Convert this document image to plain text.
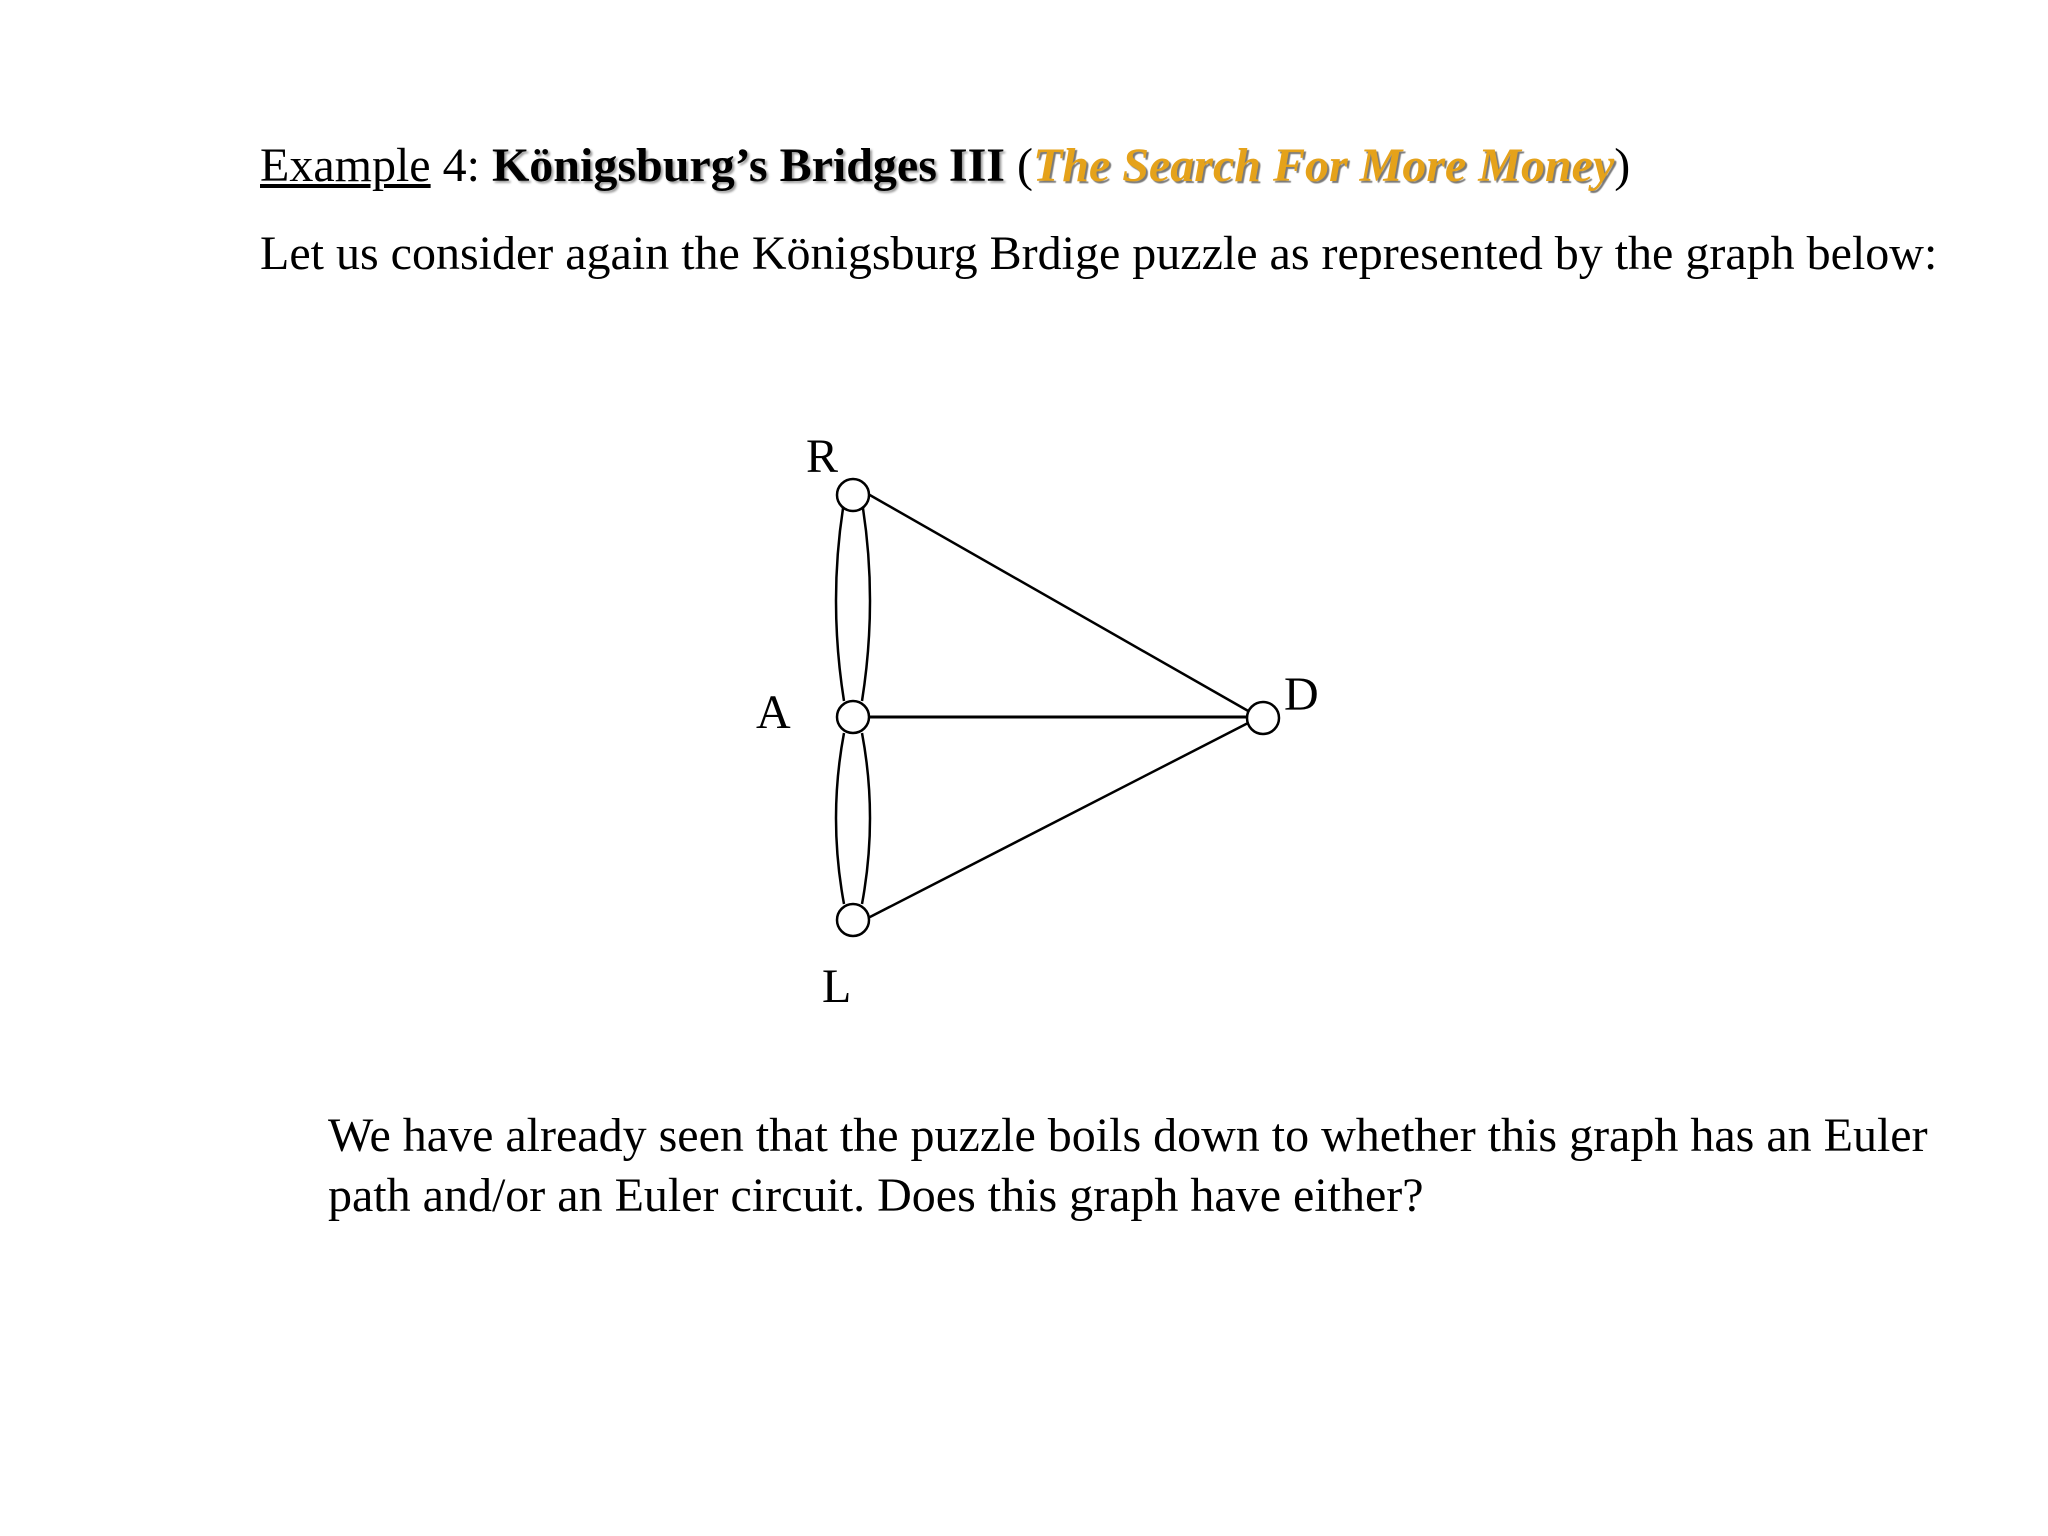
Example 4: Königsburg’s Bridges III (The Search For More Money)
Let us consider again the Königsburg Brdige puzzle as represented by the graph below:
R
A
L
D
We have already seen that the puzzle boils down to whether this graph has an Euler path and/or an Euler circuit. Does this graph have either?
